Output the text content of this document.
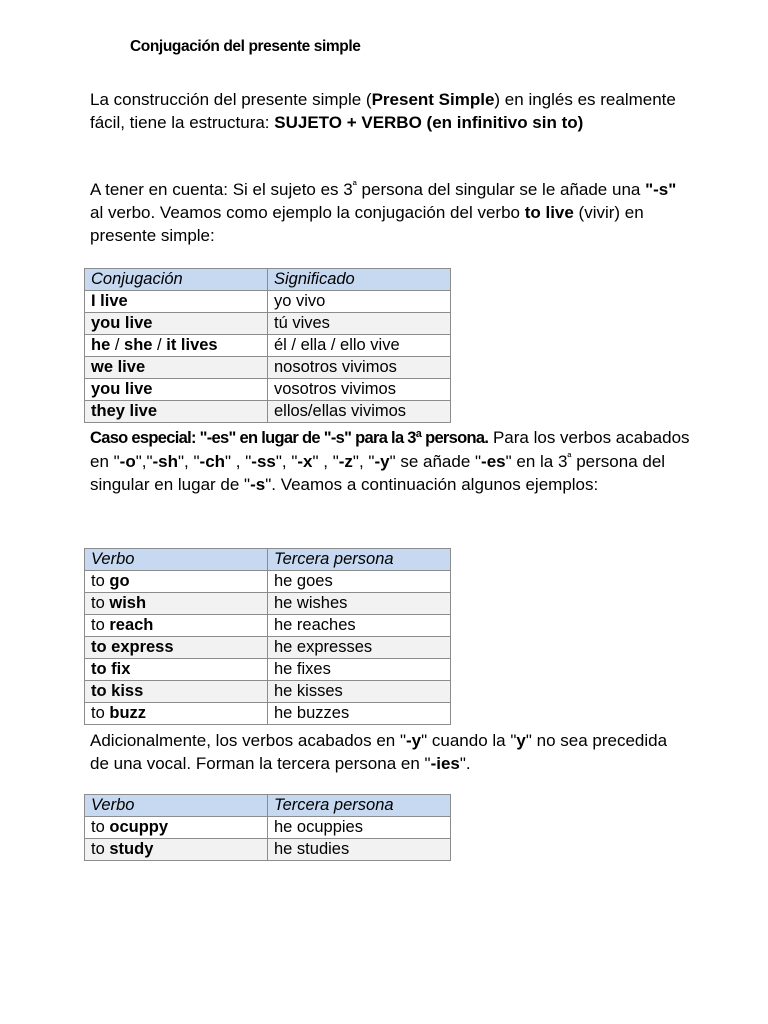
Conjugación del presente simple
La construcción del presente simple (Present Simple) en inglés es realmente fácil, tiene la estructura: SUJETO + VERBO (en infinitivo sin to)
A tener en cuenta: Si el sujeto es $3^ª$ persona del singular se le añade una "-s" al verbo. Veamos como ejemplo la conjugación del verbo to live (vivir) en presente simple:
Conjugación	Significado
I live	yo vivo
you live	tú vives
he / she / it lives	él / ella / ello vive
we live	nosotros vivimos
you live	vosotros vivimos
they live	ellos/ellas vivimos
Caso especial: "-es" en lugar de "-s" para la 3ª persona. Para los verbos acabados en "-o","-sh", "-ch" , "-ss", "-x" , "-z", "-y" se añade "-es" en la $3^ª$ persona del singular en lugar de "-s". Veamos a continuación algunos ejemplos:
Verbo	Tercera persona
to go	he goes
to wish	he wishes
to reach	he reaches
to express	he expresses
to fix	he fixes
to kiss	he kisses
to buzz	he buzzes
Adicionalmente, los verbos acabados en "-y" cuando la "y" no sea precedida de una vocal. Forman la tercera persona en "-ies".
Verbo	Tercera persona
to ocuppy	he ocuppies
to study	he studies
